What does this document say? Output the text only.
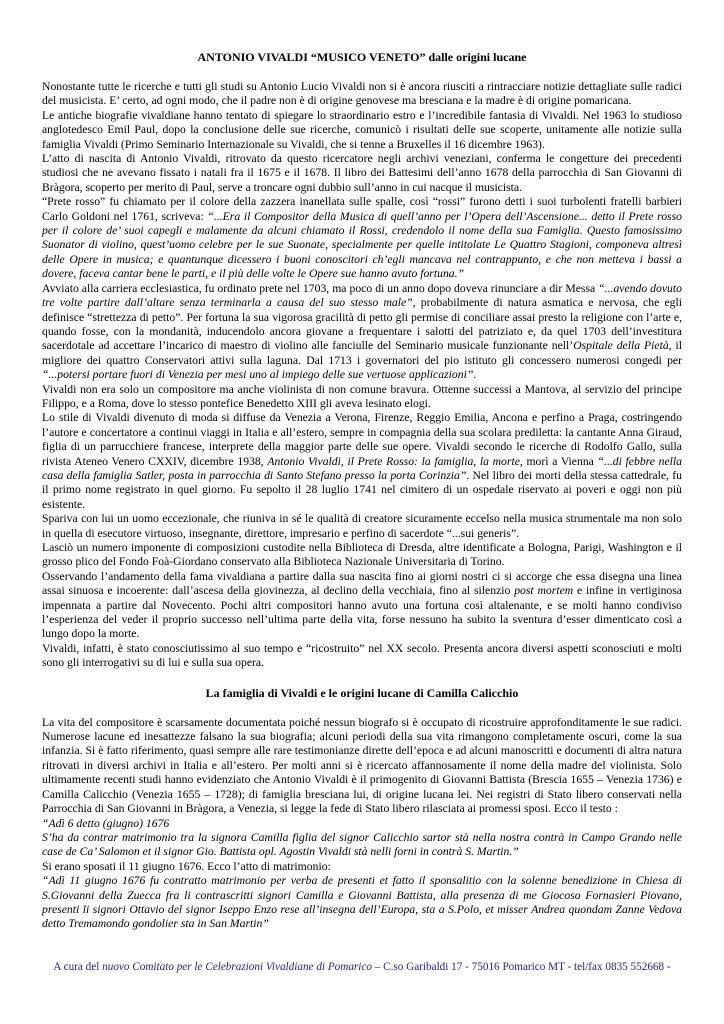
ANTONIO VIVALDI “MUSICO VENETO” dalle origini lucane

Nonostante tutte le ricerche e tutti gli studi su Antonio Lucio Vivaldi non si è ancora riusciti a rintracciare notizie dettagliate sulle radici del musicista. E’ certo, ad ogni modo, che il padre non è di origine genovese ma bresciana e la madre è di origine pomaricana.

Le antiche biografie vivaldiane hanno tentato di spiegare lo straordinario estro e l’incredibile fantasia di Vivaldi. Nel 1963 lo studioso anglotedesco Emil Paul, dopo la conclusione delle sue ricerche, comunicò i risultati delle sue scoperte, unitamente alle notizie sulla famiglia Vivaldi (Primo Seminario Internazionale su Vivaldi, che si tenne a Bruxelles il 16 dicembre 1963).

L’atto di nascita di Antonio Vivaldi, ritrovato da questo ricercatore negli archivi veneziani, conferma le congetture dei precedenti studiosi che ne avevano fissato i natali fra il 1675 e il 1678. Il libro dei Battesimi dell’anno 1678 della parrocchia di San Giovanni di Bràgora, scoperto per merito di Paul, serve a troncare ogni dubbio sull’anno in cui nacque il musicista.

“Prete rosso” fu chiamato per il colore della zazzera inanellata sulle spalle, così “rossi” furono detti i suoi turbolenti fratelli barbieri Carlo Goldoni nel 1761, scriveva: “...Era il Compositor della Musica di quell’anno per l’Opera dell’Ascensione... detto il Prete rosso per il colore de’ suoi capegli e malamente da alcuni chiamato il Rossi, credendolo il nome della sua Famiglia. Questo famosissimo Suonator di violino, quest’uomo celebre per le sue Suonate, specialmente per quelle intitolate Le Quattro Stagioni, componeva altresì delle Opere in musica; e quantunque dicessero i buoni conoscitori ch’egli mancava nel contrappunto, e che non metteva i bassi a dovere, faceva cantar bene le parti, e il più delle volte le Opere sue hanno avuto fortuna.”

Avviato alla carriera ecclesiastica, fu ordinato prete nel 1703, ma poco di un anno dopo doveva rinunciare a dir Messa “...avendo dovuto tre volte partire dall’altare senza terminarla a causa del suo stesso male”, probabilmente di natura asmatica e nervosa, che egli definisce “strettezza di petto”. Per fortuna la sua vigorosa gracilità di petto gli permise di conciliare assai presto la religione con l’arte e, quando fosse, con la mondanità, inducendolo ancora giovane a frequentare i salotti del patriziato e, da quel 1703 dell’investitura sacerdotale ad accettare l’incarico di maestro di violino alle fanciulle del Seminario musicale funzionante nell’Ospitale della Pietà, il migliore dei quattro Conservatori attivi sulla laguna. Dal 1713 i governatori del pio istituto gli concessero numerosi congedi per “...potersi portare fuori di Venezia per mesi uno al impiego delle sue vertuose applicazioni”.

Vivaldi non era solo un compositore ma anche violinista di non comune bravura. Ottenne successi a Mantova, al servizio del principe Filippo, e a Roma, dove lo stesso pontefice Benedetto XIII gli aveva lesinato elogi.

Lo stile di Vivaldi divenuto di moda si diffuse da Venezia a Verona, Firenze, Reggio Emilia, Ancona e perfino a Praga, costringendo l’autore e concertatore a continui viaggi in Italia e all’estero, sempre in compagnia della sua scolara prediletta: la cantante Anna Giraud, figlia di un parrucchiere francese, interprete della maggior parte delle sue opere. Vivaldi secondo le ricerche di Rodolfo Gallo, sulla rivista Ateneo Venero CXXIV, dicembre 1938, Antonio Vivaldi, il Prete Rosso: la famiglia, la morte, morì a Vienna “...di febbre nella casa della famiglia Satler, posta in parrocchia di Santo Stefano presso la porta Corinzia”. Nel libro dei morti della stessa cattedrale, fu il primo nome registrato in quel giorno. Fu sepolto il 28 luglio 1741 nel cimitero di un ospedale riservato ai poveri e oggi non più esistente.

Spariva con lui un uomo eccezionale, che riuniva in sé le qualità di creatore sicuramente eccelso nella musica strumentale ma non solo in quella di esecutore virtuoso, insegnante, direttore, impresario e perfino di sacerdote “...sui generis”.

Lasciò un numero imponente di composizioni custodite nella Biblioteca di Dresda, altre identificate a Bologna, Parigi, Washington e il grosso plico del Fondo Foà-Giordano conservato alla Biblioteca Nazionale Universitaria di Torino.

Osservando l’andamento della fama vivaldiana a partire dalla sua nascita fino ai giorni nostri ci si accorge che essa disegna una linea assai sinuosa e incoerente: dall’ascesa della giovinezza, al declino della vecchiaia, fino al silenzio post mortem e infine in vertiginosa impennata a partire dal Novecento. Pochi altri compositori hanno avuto una fortuna così altalenante, e se molti hanno condiviso l’esperienza del veder il proprio successo nell’ultima parte della vita, forse nessuno ha subito la sventura d’esser dimenticato così a lungo dopo la morte.

Vivaldi, infatti, è stato conosciutissimo al suo tempo e “ricostruito” nel XX secolo. Presenta ancora diversi aspetti sconosciuti e molti sono gli interrogativi su di lui e sulla sua opera.

La famiglia di Vivaldi e le origini lucane di Camilla Calicchio

La vita del compositore è scarsamente documentata poiché nessun biografo si è occupato di ricostruire approfonditamente le sue radici. Numerose lacune ed inesattezze falsano la sua biografia; alcuni periodi della sua vita rimangono completamente oscuri, come la sua infanzia. Si è fatto riferimento, quasi sempre alle rare testimonianze dirette dell’epoca e ad alcuni manoscritti e documenti di altra natura ritrovati in diversi archivi in Italia e all’estero. Per molti anni si è ricercato affannosamente il nome della madre del violinista. Solo ultimamente recenti studi hanno evidenziato che Antonio Vivaldi è il primogenito di Giovanni Battista (Brescia 1655 – Venezia 1736) e Camilla Calicchio (Venezia 1655 – 1728); di famiglia bresciana lui, di origine lucana lei. Nei registri di Stato libero conservati nella Parrocchia di San Giovanni in Bràgora, a Venezia, si legge la fede di Stato libero rilasciata ai promessi sposi. Ecco il testo :

“Adì 6 detto (giugno) 1676

S’ha da contrar matrimonio tra la signora Camilla figlia del signor Calicchio sartor stà nella nostra contrà in Campo Grando nelle case de Ca’ Salomon et il signor Gio. Battista opl. Agostin Vivaldi stà nelli forni in contrà S. Martin.”

Si erano sposati il 11 giugno 1676. Ecco l’atto di matrimonio:

“Adì 11 giugno 1676 fu contratto matrimonio per verba de presenti et fatto il sponsalitio con la solenne benedizione in Chiesa di S.Giovanni della Zuecca fra li contrascritti signori Camilla e Giovanni Battista, alla presenza di me Giocoso Fornasieri Piovano, presenti li signori Ottavio del signor Iseppo Enzo rese all’insegna dell’Europa, sta a S.Polo, et misser Andrea quondam Zanne Vedova detto Tremamondo gondolier sta in San Martin”

A cura del nuovo Comitato per le Celebrazioni Vivaldiane di Pomarico – C.so Garibaldi 17 - 75016 Pomarico MT - tel/fax 0835 552668 -
